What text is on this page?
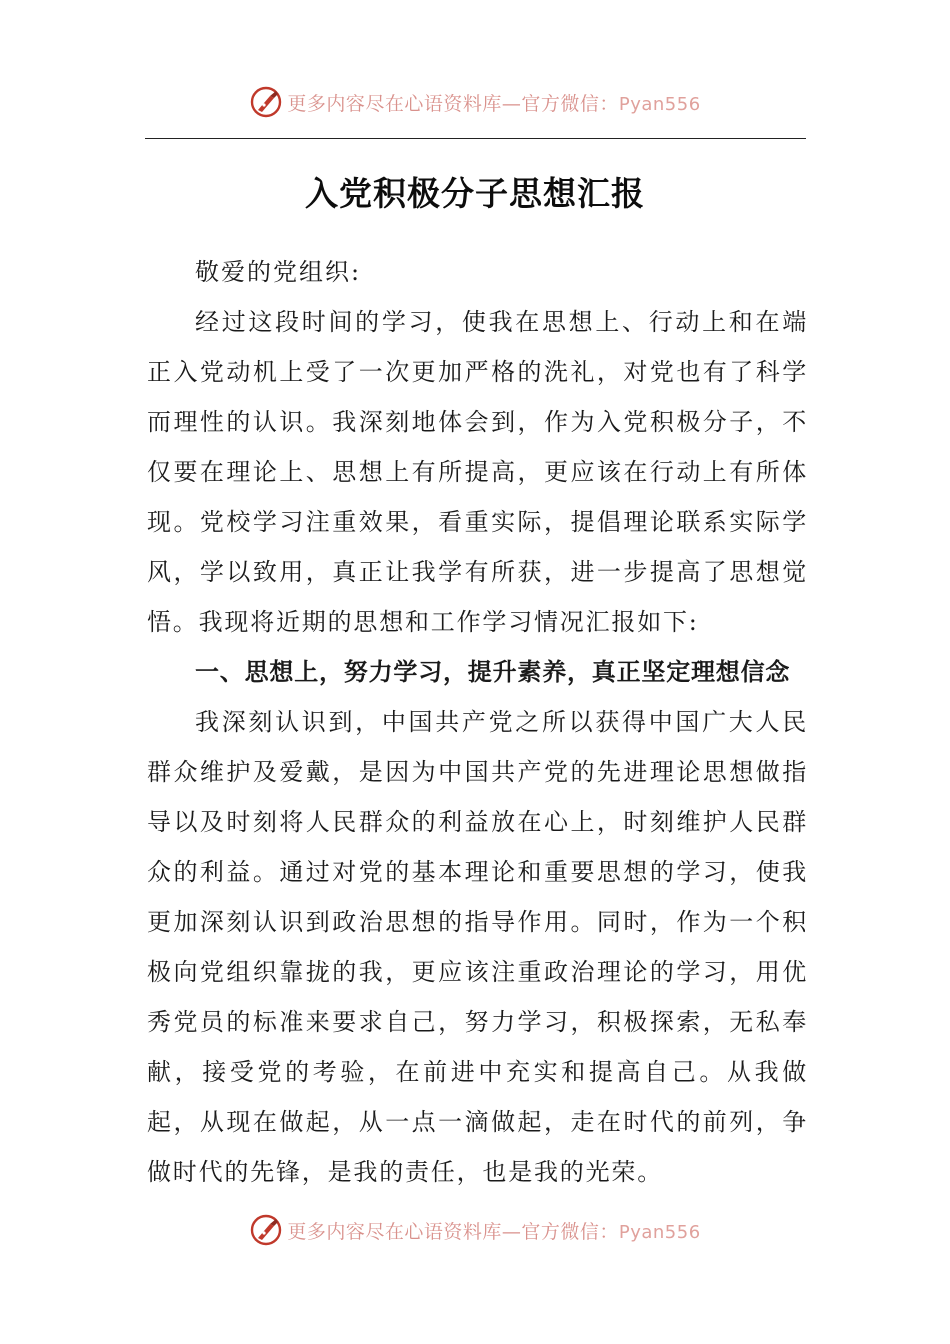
更多内容尽在心语资料库—官方微信：Pyan556
入党积极分子思想汇报

敬爱的党组织:

经过这段时间的学习，使我在思想上、行动上和在端正入党动机上受了一次更加严格的洗礼，对党也有了科学而理性的认识。我深刻地体会到，作为入党积极分子，不仅要在理论上、思想上有所提高，更应该在行动上有所体现。党校学习注重效果，看重实际，提倡理论联系实际学风，学以致用，真正让我学有所获，进一步提高了思想觉悟。我现将近期的思想和工作学习情况汇报如下:

一、思想上，努力学习，提升素养，真正坚定理想信念

我深刻认识到，中国共产党之所以获得中国广大人民群众维护及爱戴，是因为中国共产党的先进理论思想做指导以及时刻将人民群众的利益放在心上，时刻维护人民群众的利益。通过对党的基本理论和重要思想的学习，使我更加深刻认识到政治思想的指导作用。同时，作为一个积极向党组织靠拢的我，更应该注重政治理论的学习，用优秀党员的标准来要求自己，努力学习，积极探索，无私奉献，接受党的考验，在前进中充实和提高自己。从我做起，从现在做起，从一点一滴做起，走在时代的前列，争做时代的先锋，是我的责任，也是我的光荣。

更多内容尽在心语资料库—官方微信：Pyan556
